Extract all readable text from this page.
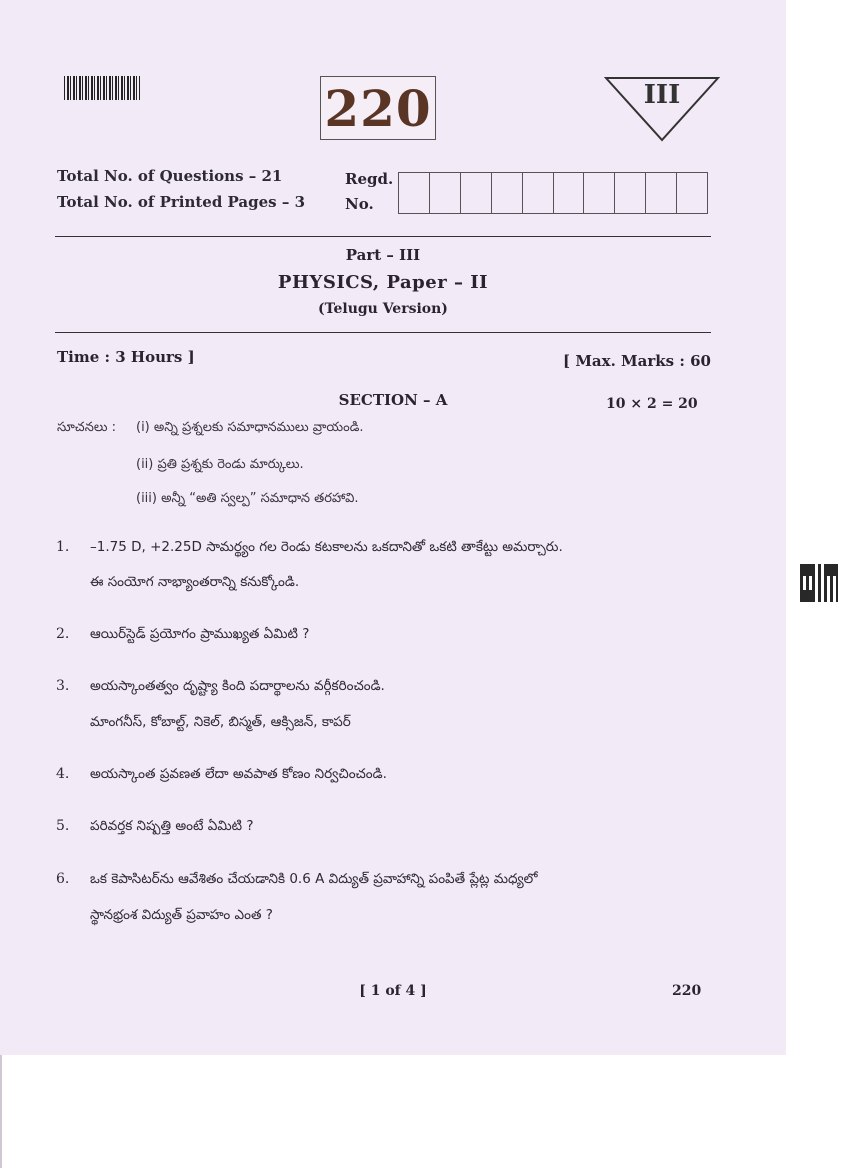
220	III
Total No. of Questions – 21
Total No. of Printed Pages – 3
Regd.
No.
Part – III
PHYSICS, Paper – II
(Telugu Version)
Time : 3 Hours ]	[ Max. Marks : 60
SECTION – A	10 × 2 = 20
సూచనలు : (i) అన్ని ప్రశ్నలకు సమాధానములు వ్రాయండి.
(ii) ప్రతి ప్రశ్నకు రెండు మార్కులు.
(iii) అన్నీ “అతి స్వల్ప” సమాధాన తరహావి.
1. –1.75 D, +2.25D సామర్థ్యం గల రెండు కటకాలను ఒకదానితో ఒకటి తాకేట్టు అమర్చారు.
ఈ సంయోగ నాభ్యాంతరాన్ని కనుక్కోండి.
2. ఆయిర్‌స్టెడ్ ప్రయోగం ప్రాముఖ్యత ఏమిటి ?
3. అయస్కాంతత్వం దృష్ట్యా కింది పదార్థాలను వర్గీకరించండి.
మాంగనీస్, కోబాల్ట్, నికెల్, బిస్మత్, ఆక్సిజన్, కాపర్
4. అయస్కాంత ప్రవణత లేదా అవపాత కోణం నిర్వచించండి.
5. పరివర్తక నిష్పత్తి అంటే ఏమిటి ?
6. ఒక కెపాసిటర్‌ను ఆవేశితం చేయడానికి 0.6 A విద్యుత్ ప్రవాహాన్ని పంపితే ప్లేట్ల మధ్యలో
స్థానభ్రంశ విద్యుత్ ప్రవాహం ఎంత ?
[ 1 of 4 ]	220
